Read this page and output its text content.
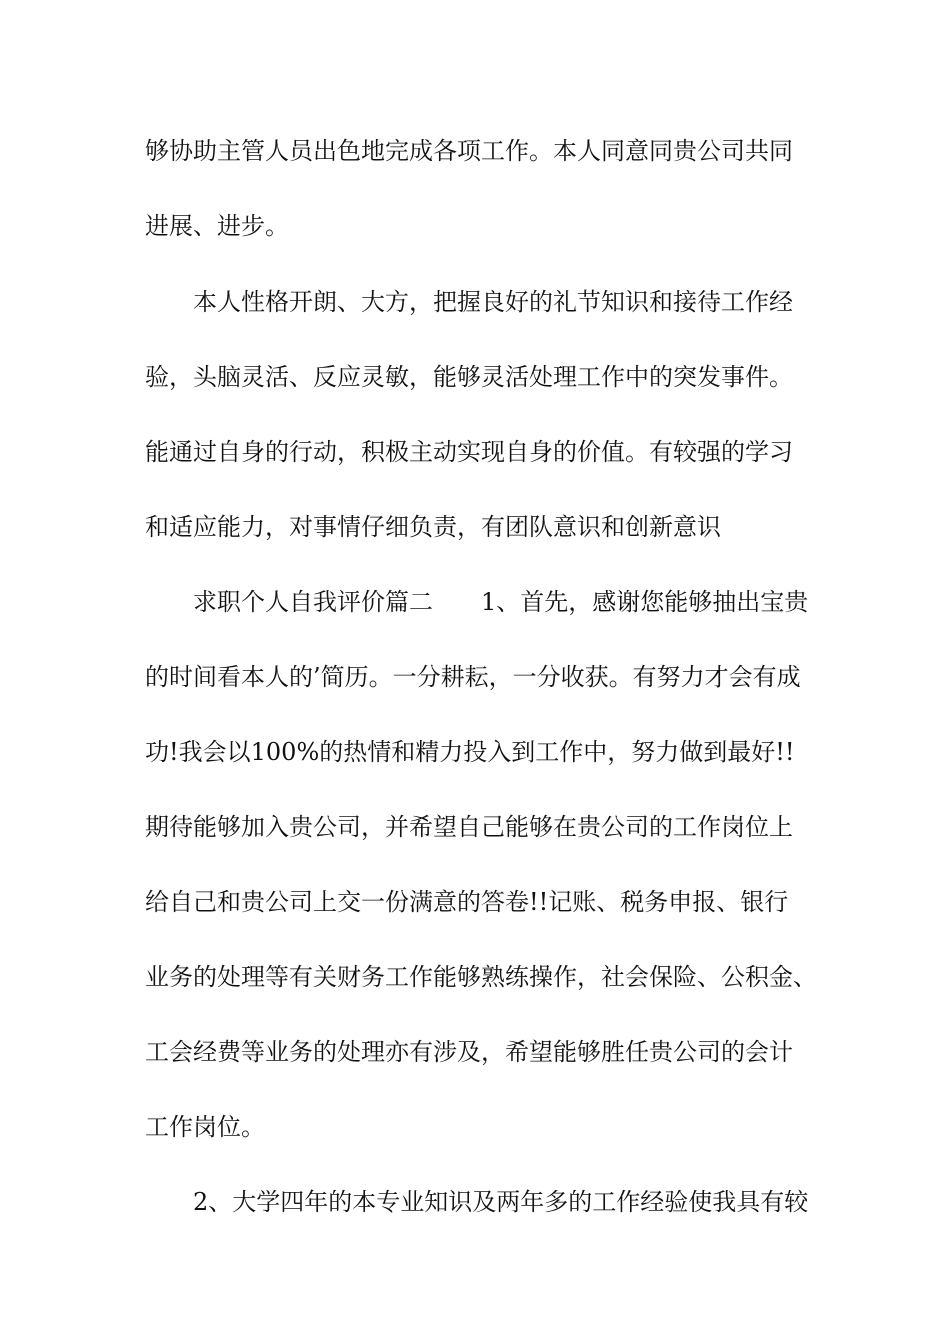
够协助主管人员出色地完成各项工作。本人同意同贵公司共同
进展、进步。
本人性格开朗、大方，把握良好的礼节知识和接待工作经
验，头脑灵活、反应灵敏，能够灵活处理工作中的突发事件。
能通过自身的行动，积极主动实现自身的价值。有较强的学习
和适应能力，对事情仔细负责，有团队意识和创新意识
求职个人自我评价篇二　　1、首先，感谢您能够抽出宝贵
的时间看本人的’简历。一分耕耘，一分收获。有努力才会有成
功!我会以100%的热情和精力投入到工作中，努力做到最好!!
期待能够加入贵公司，并希望自己能够在贵公司的工作岗位上
给自己和贵公司上交一份满意的答卷!!记账、税务申报、银行
业务的处理等有关财务工作能够熟练操作，社会保险、公积金、
工会经费等业务的处理亦有涉及，希望能够胜任贵公司的会计
工作岗位。
2、大学四年的本专业知识及两年多的工作经验使我具有较
